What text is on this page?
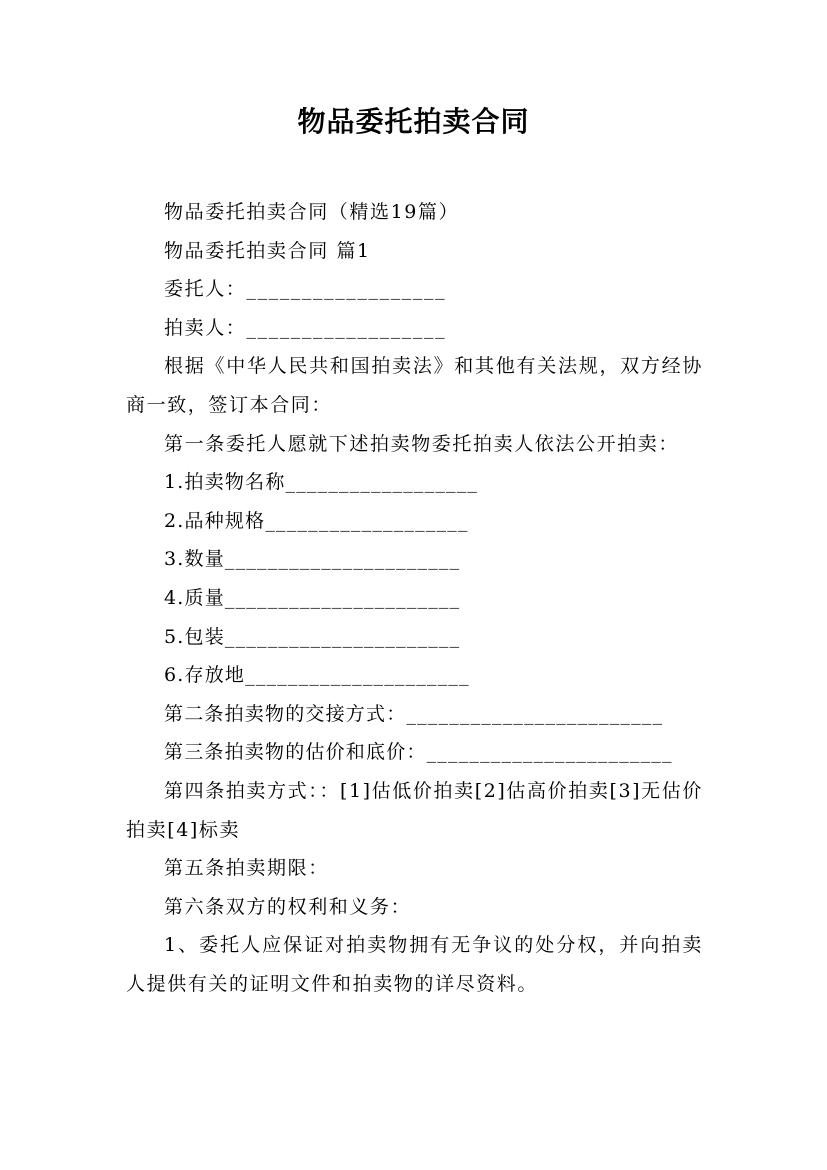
物品委托拍卖合同

物品委托拍卖合同（精选19篇）

物品委托拍卖合同 篇1

委托人：__________________

拍卖人：__________________

根据《中华人民共和国拍卖法》和其他有关法规，双方经协商一致，签订本合同：

第一条委托人愿就下述拍卖物委托拍卖人依法公开拍卖：

1.拍卖物名称__________________

2.品种规格___________________

3.数量______________________

4.质量______________________

5.包装______________________

6.存放地_____________________

第二条拍卖物的交接方式：________________________

第三条拍卖物的估价和底价：_______________________

第四条拍卖方式：：[1]估低价拍卖[2]估高价拍卖[3]无估价拍卖[4]标卖

第五条拍卖期限：

第六条双方的权利和义务：

1、委托人应保证对拍卖物拥有无争议的处分权，并向拍卖人提供有关的证明文件和拍卖物的详尽资料。
